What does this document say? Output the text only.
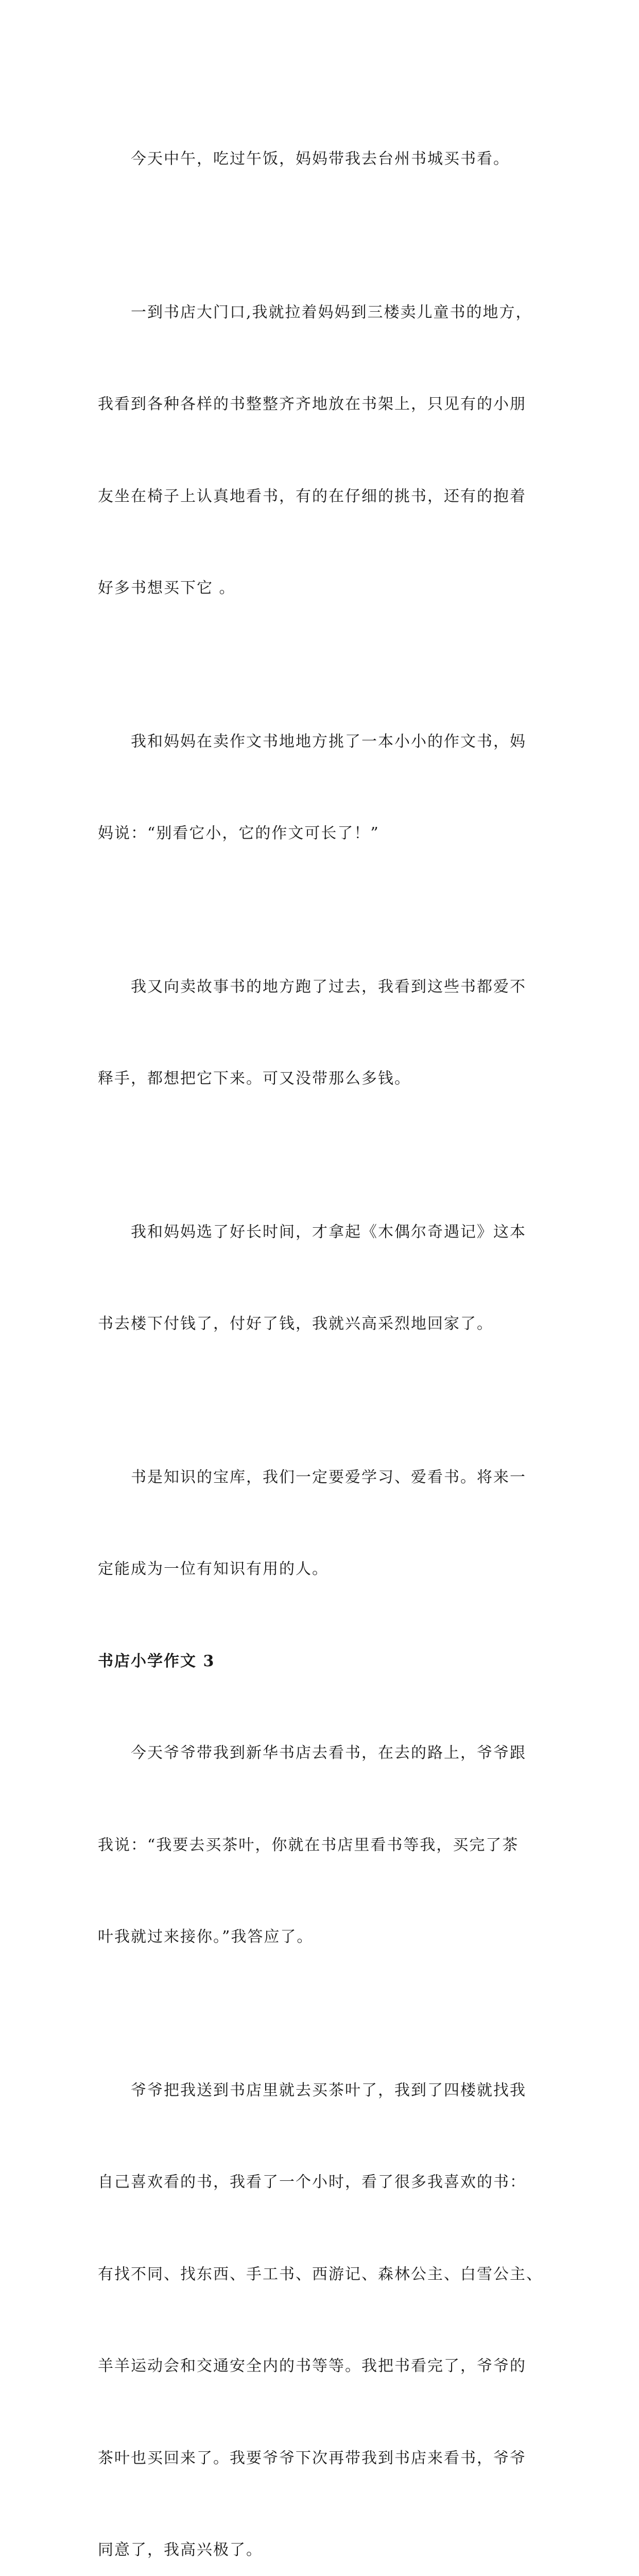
今天中午，吃过午饭，妈妈带我去台州书城买书看。

一到书店大门口,我就拉着妈妈到三楼卖儿童书的地方，

我看到各种各样的书整整齐齐地放在书架上，只见有的小朋

友坐在椅子上认真地看书，有的在仔细的挑书，还有的抱着

好多书想买下它 。

我和妈妈在卖作文书地地方挑了一本小小的作文书，妈

妈说：“别看它小，它的作文可长了！”

我又向卖故事书的地方跑了过去，我看到这些书都爱不

释手，都想把它下来。可又没带那么多钱。

我和妈妈选了好长时间，才拿起《木偶尔奇遇记》这本

书去楼下付钱了，付好了钱，我就兴高采烈地回家了。

书是知识的宝库，我们一定要爱学习、爱看书。将来一

定能成为一位有知识有用的人。

书店小学作文 3

今天爷爷带我到新华书店去看书，在去的路上，爷爷跟

我说：“我要去买茶叶，你就在书店里看书等我，买完了茶

叶我就过来接你。”我答应了。

爷爷把我送到书店里就去买茶叶了，我到了四楼就找我

自己喜欢看的书，我看了一个小时，看了很多我喜欢的书：

有找不同、找东西、手工书、西游记、森林公主、白雪公主、

羊羊运动会和交通安全内的书等等。我把书看完了，爷爷的

茶叶也买回来了。我要爷爷下次再带我到书店来看书，爷爷

同意了，我高兴极了。
